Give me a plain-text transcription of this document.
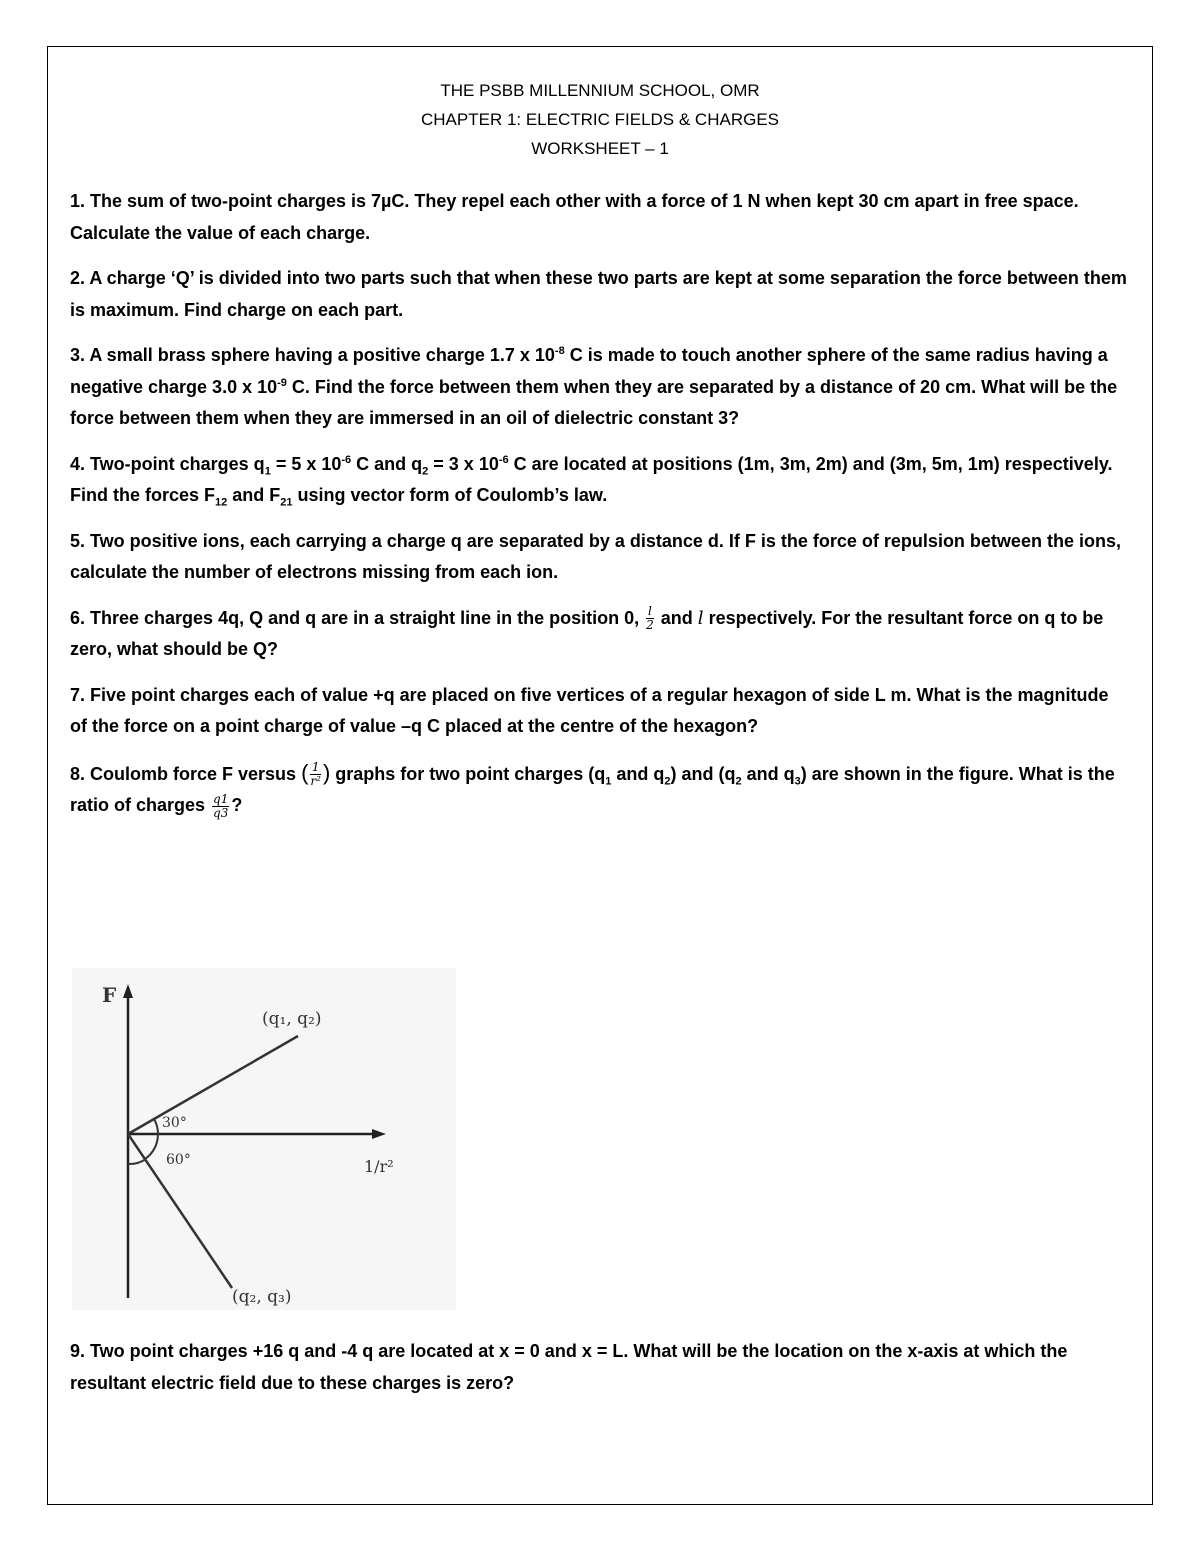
THE PSBB MILLENNIUM SCHOOL, OMR
CHAPTER 1: ELECTRIC FIELDS & CHARGES
WORKSHEET – 1

1. The sum of two-point charges is 7µC. They repel each other with a force of 1 N when kept 30 cm apart in free space. Calculate the value of each charge.

2. A charge ‘Q’ is divided into two parts such that when these two parts are kept at some separation the force between them is maximum. Find charge on each part.

3. A small brass sphere having a positive charge 1.7 x $10^{-8}$ C is made to touch another sphere of the same radius having a negative charge 3.0 x $10^{-9}$ C. Find the force between them when they are separated by a distance of 20 cm. What will be the force between them when they are immersed in an oil of dielectric constant 3?

4. Two-point charges $q_1 = 5$ x $10^{-6}$ C and $q_2 = 3$ x $10^{-6}$ C are located at positions (1m, 3m, 2m) and (3m, 5m, 1m) respectively. Find the forces $F_{12}$ and $F_{21}$ using vector form of Coulomb’s law.

5. Two positive ions, each carrying a charge q are separated by a distance d. If F is the force of repulsion between the ions, calculate the number of electrons missing from each ion.

6. Three charges 4q, Q and q are in a straight line in the position 0, $\frac{l}{2}$ and l respectively. For the resultant force on q to be zero, what should be Q?

7. Five point charges each of value +q are placed on five vertices of a regular hexagon of side L m. What is the magnitude of the force on a point charge of value –q C placed at the centre of the hexagon?

8. Coulomb force F versus ( $\frac{1}{\text{r²}}$ ) graphs for two point charges ($q_1$ and $q_2$) and ($q_2$ and $q_3$) are shown in the figure. What is the ratio of charges $\frac{q1}{q3}$ ?

F
1/r²
(q₁, q₂)
(q₂, q₃)
30°
60°

9. Two point charges +16 q and -4 q are located at x = 0 and x = L. What will be the location on the x-axis at which the resultant electric field due to these charges is zero?
